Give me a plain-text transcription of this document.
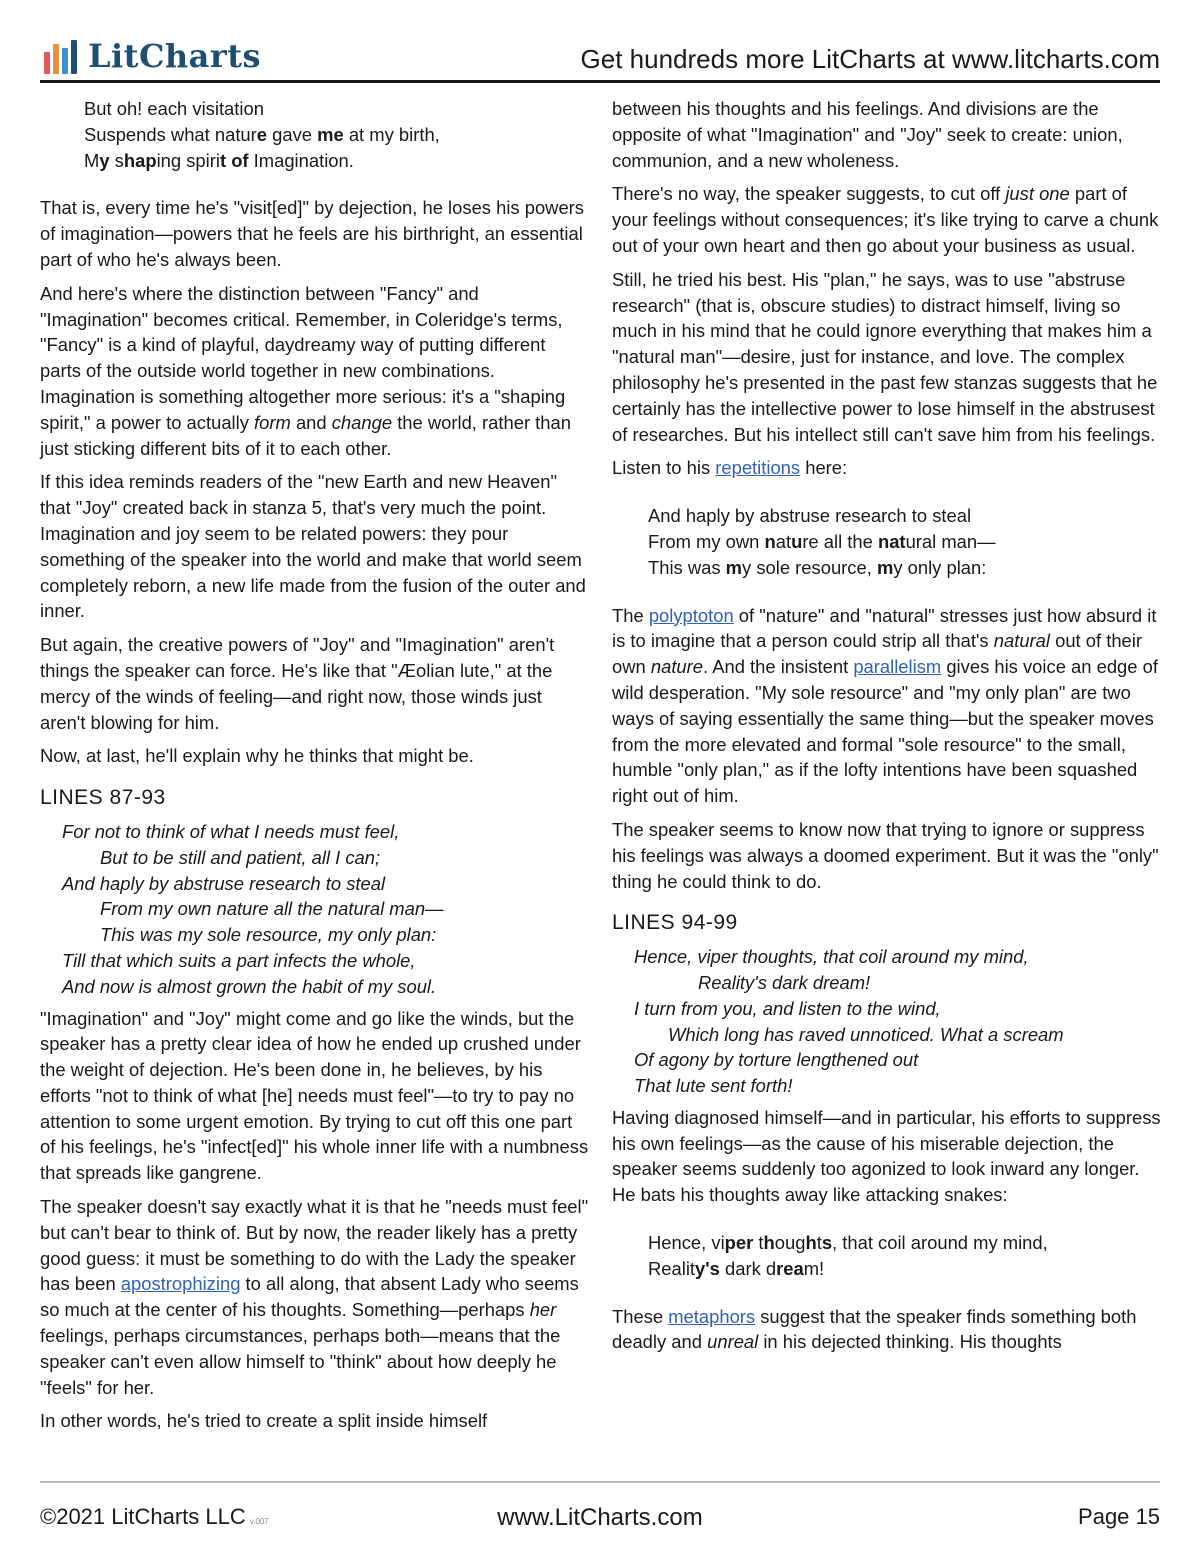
LitCharts	Get hundreds more LitCharts at www.litcharts.com
But oh! each visitation
Suspends what nature gave me at my birth,
My shaping spirit of Imagination.

That is, every time he's "visit[ed]" by dejection, he loses his powers of imagination—powers that he feels are his birthright, an essential part of who he's always been.

And here's where the distinction between "Fancy" and "Imagination" becomes critical. Remember, in Coleridge's terms, "Fancy" is a kind of playful, daydreamy way of putting different parts of the outside world together in new combinations. Imagination is something altogether more serious: it's a "shaping spirit," a power to actually form and change the world, rather than just sticking different bits of it to each other.

If this idea reminds readers of the "new Earth and new Heaven" that "Joy" created back in stanza 5, that's very much the point. Imagination and joy seem to be related powers: they pour something of the speaker into the world and make that world seem completely reborn, a new life made from the fusion of the outer and inner.

But again, the creative powers of "Joy" and "Imagination" aren't things the speaker can force. He's like that "Æolian lute," at the mercy of the winds of feeling—and right now, those winds just aren't blowing for him.

Now, at last, he'll explain why he thinks that might be.

LINES 87-93
For not to think of what I needs must feel,
But to be still and patient, all I can;
And haply by abstruse research to steal
From my own nature all the natural man—
This was my sole resource, my only plan:
Till that which suits a part infects the whole,
And now is almost grown the habit of my soul.

"Imagination" and "Joy" might come and go like the winds, but the speaker has a pretty clear idea of how he ended up crushed under the weight of dejection. He's been done in, he believes, by his efforts "not to think of what [he] needs must feel"—to try to pay no attention to some urgent emotion. By trying to cut off this one part of his feelings, he's "infect[ed]" his whole inner life with a numbness that spreads like gangrene.

The speaker doesn't say exactly what it is that he "needs must feel" but can't bear to think of. But by now, the reader likely has a pretty good guess: it must be something to do with the Lady the speaker has been apostrophizing to all along, that absent Lady who seems so much at the center of his thoughts. Something—perhaps her feelings, perhaps circumstances, perhaps both—means that the speaker can't even allow himself to "think" about how deeply he "feels" for her.

In other words, he's tried to create a split inside himself

between his thoughts and his feelings. And divisions are the opposite of what "Imagination" and "Joy" seek to create: union, communion, and a new wholeness.

There's no way, the speaker suggests, to cut off just one part of your feelings without consequences; it's like trying to carve a chunk out of your own heart and then go about your business as usual.

Still, he tried his best. His "plan," he says, was to use "abstruse research" (that is, obscure studies) to distract himself, living so much in his mind that he could ignore everything that makes him a "natural man"—desire, just for instance, and love. The complex philosophy he's presented in the past few stanzas suggests that he certainly has the intellective power to lose himself in the abstrusest of researches. But his intellect still can't save him from his feelings.

Listen to his repetitions here:

And haply by abstruse research to steal
From my own nature all the natural man—
This was my sole resource, my only plan:

The polyptoton of "nature" and "natural" stresses just how absurd it is to imagine that a person could strip all that's natural out of their own nature. And the insistent parallelism gives his voice an edge of wild desperation. "My sole resource" and "my only plan" are two ways of saying essentially the same thing—but the speaker moves from the more elevated and formal "sole resource" to the small, humble "only plan," as if the lofty intentions have been squashed right out of him.

The speaker seems to know now that trying to ignore or suppress his feelings was always a doomed experiment. But it was the "only" thing he could think to do.

LINES 94-99
Hence, viper thoughts, that coil around my mind,
Reality's dark dream!
I turn from you, and listen to the wind,
Which long has raved unnoticed. What a scream
Of agony by torture lengthened out
That lute sent forth!

Having diagnosed himself—and in particular, his efforts to suppress his own feelings—as the cause of his miserable dejection, the speaker seems suddenly too agonized to look inward any longer. He bats his thoughts away like attacking snakes:

Hence, viper thoughts, that coil around my mind,
Reality's dark dream!

These metaphors suggest that the speaker finds something both deadly and unreal in his dejected thinking. His thoughts

©2021 LitCharts LLC v.007	www.LitCharts.com	Page 15
